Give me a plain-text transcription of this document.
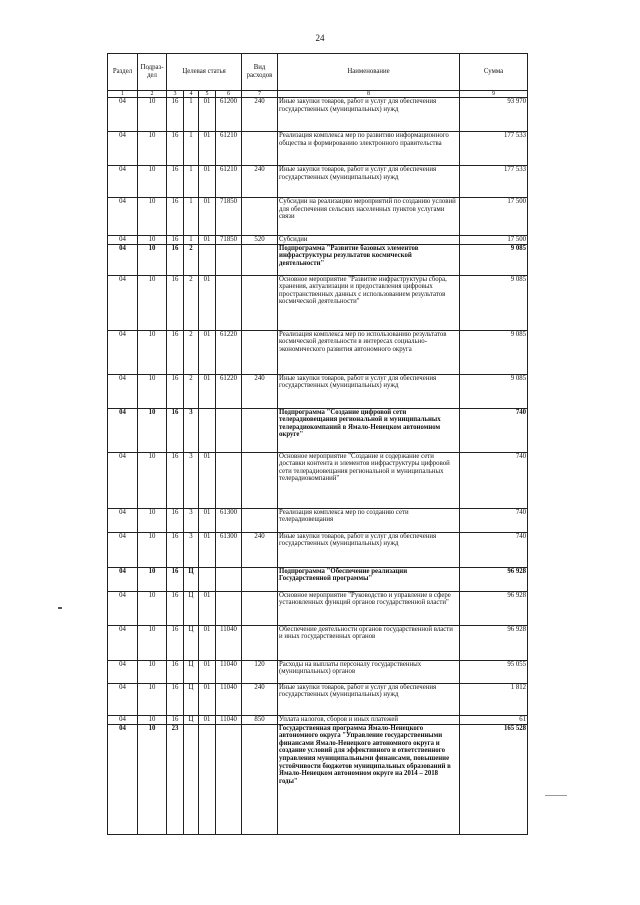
24
Раздел	Подраз-дел	Целевая статья				Вид расходов	Наименование	Сумма
1	2	3	4	5	6	7	8	9
04	10	16	1	01	61200	240	Иные закупки товаров, работ и услуг для обеспечения государственных (муниципальных) нужд	93 970
04	10	16	1	01	61210		Реализация комплекса мер по развитию информационного общества и формированию электронного правительства	177 533
04	10	16	1	01	61210	240	Иные закупки товаров, работ и услуг для обеспечения государственных (муниципальных) нужд	177 533
04	10	16	1	01	71850		Субсидии на реализацию мероприятий по созданию условий для обеспечения сельских населенных пунктов услугами связи	17 500
04	10	16	1	01	71850	520	Субсидии	17 500
04	10	16	2				Подпрограмма "Развитие базовых элементов инфраструктуры результатов космической деятельности"	9 085
04	10	16	2	01			Основное мероприятие "Развитие инфраструктуры сбора, хранения, актуализации и предоставления цифровых пространственных данных с использованием результатов космической деятельности"	9 085
04	10	16	2	01	61220		Реализация комплекса мер по использованию результатов космической деятельности в интересах социально-экономического развития автономного округа	9 085
04	10	16	2	01	61220	240	Иные закупки товаров, работ и услуг для обеспечения государственных (муниципальных) нужд	9 085
04	10	16	3				Подпрограмма "Создание цифровой сети телерадиовещания региональной и муниципальных телерадиокомпаний в Ямало-Ненецком автономном округе"	740
04	10	16	3	01			Основное мероприятие "Создание и содержание сети доставки контента и элементов инфраструктуры цифровой сети телерадиовещания региональной и муниципальных телерадиокомпаний"	740
04	10	16	3	01	61300		Реализация комплекса мер по созданию сети телерадиовещания	740
04	10	16	3	01	61300	240	Иные закупки товаров, работ и услуг для обеспечения государственных (муниципальных) нужд	740
04	10	16	Ц				Подпрограмма "Обеспечение реализации Государственной программы"	96 928
04	10	16	Ц	01			Основное мероприятие "Руководство и управление в сфере установленных функций органов государственной власти"	96 928
04	10	16	Ц	01	11040		Обеспечение деятельности органов государственной власти и иных государственных органов	96 928
04	10	16	Ц	01	11040	120	Расходы на выплаты персоналу государственных (муниципальных) органов	95 055
04	10	16	Ц	01	11040	240	Иные закупки товаров, работ и услуг для обеспечения государственных (муниципальных) нужд	1 812
04	10	16	Ц	01	11040	850	Уплата налогов, сборов и иных платежей	61
04	10	23					Государственная программа Ямало-Ненецкого автономного округа "Управление государственными финансами Ямало-Ненецкого автономного округа и создание условий для эффективного и ответственного управления муниципальными финансами, повышение устойчивости бюджетов муниципальных образований в Ямало-Ненецком автономном округе на 2014 – 2018 годы"	165 528
